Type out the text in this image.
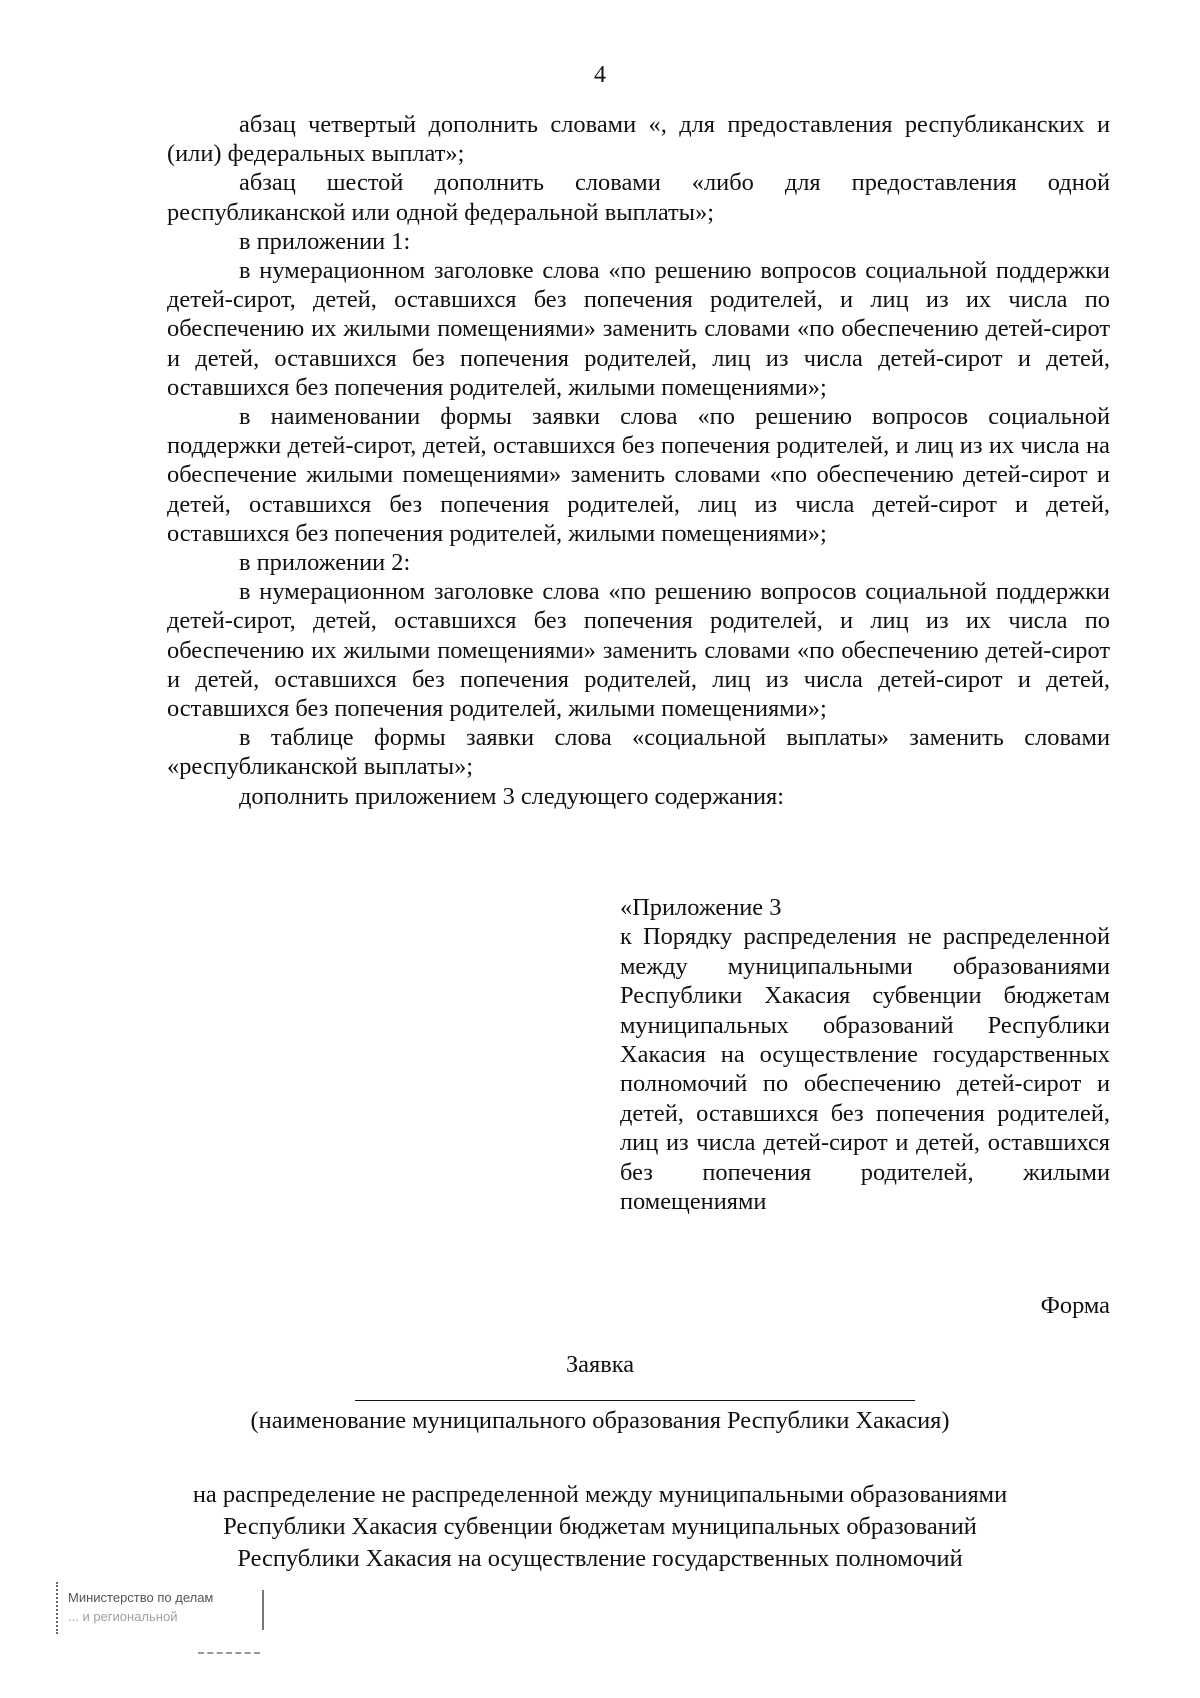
4

абзац четвертый дополнить словами «, для предоставления республиканских и (или) федеральных выплат»;

абзац шестой дополнить словами «либо для предоставления одной республиканской или одной федеральной выплаты»;

в приложении 1:

в нумерационном заголовке слова «по решению вопросов социальной поддержки детей-сирот, детей, оставшихся без попечения родителей, и лиц из их числа по обеспечению их жилыми помещениями» заменить словами «по обеспечению детей-сирот и детей, оставшихся без попечения родителей, лиц из числа детей-сирот и детей, оставшихся без попечения родителей, жилыми помещениями»;

в наименовании формы заявки слова «по решению вопросов социальной поддержки детей-сирот, детей, оставшихся без попечения родителей, и лиц из их числа на обеспечение жилыми помещениями» заменить словами «по обеспечению детей-сирот и детей, оставшихся без попечения родителей, лиц из числа детей-сирот и детей, оставшихся без попечения родителей, жилыми помещениями»;

в приложении 2:

в нумерационном заголовке слова «по решению вопросов социальной поддержки детей-сирот, детей, оставшихся без попечения родителей, и лиц из их числа по обеспечению их жилыми помещениями» заменить словами «по обеспечению детей-сирот и детей, оставшихся без попечения родителей, лиц из числа детей-сирот и детей, оставшихся без попечения родителей, жилыми помещениями»;

в таблице формы заявки слова «социальной выплаты» заменить словами «республиканской выплаты»;

дополнить приложением 3 следующего содержания:

«Приложение 3

к Порядку распределения не распределенной между муниципальными образованиями Республики Хакасия субвенции бюджетам муниципальных образований Республики Хакасия на осуществление государственных полномочий по обеспечению детей-сирот и детей, оставшихся без попечения родителей, лиц из числа детей-сирот и детей, оставшихся без попечения родителей, жилыми помещениями

Форма
Заявка
(наименование муниципального образования Республики Хакасия)
на распределение не распределенной между муниципальными образованиями
Республики Хакасия субвенции бюджетам муниципальных образований
Республики Хакасия на осуществление государственных полномочий
Министерство по делам
... и региональной
